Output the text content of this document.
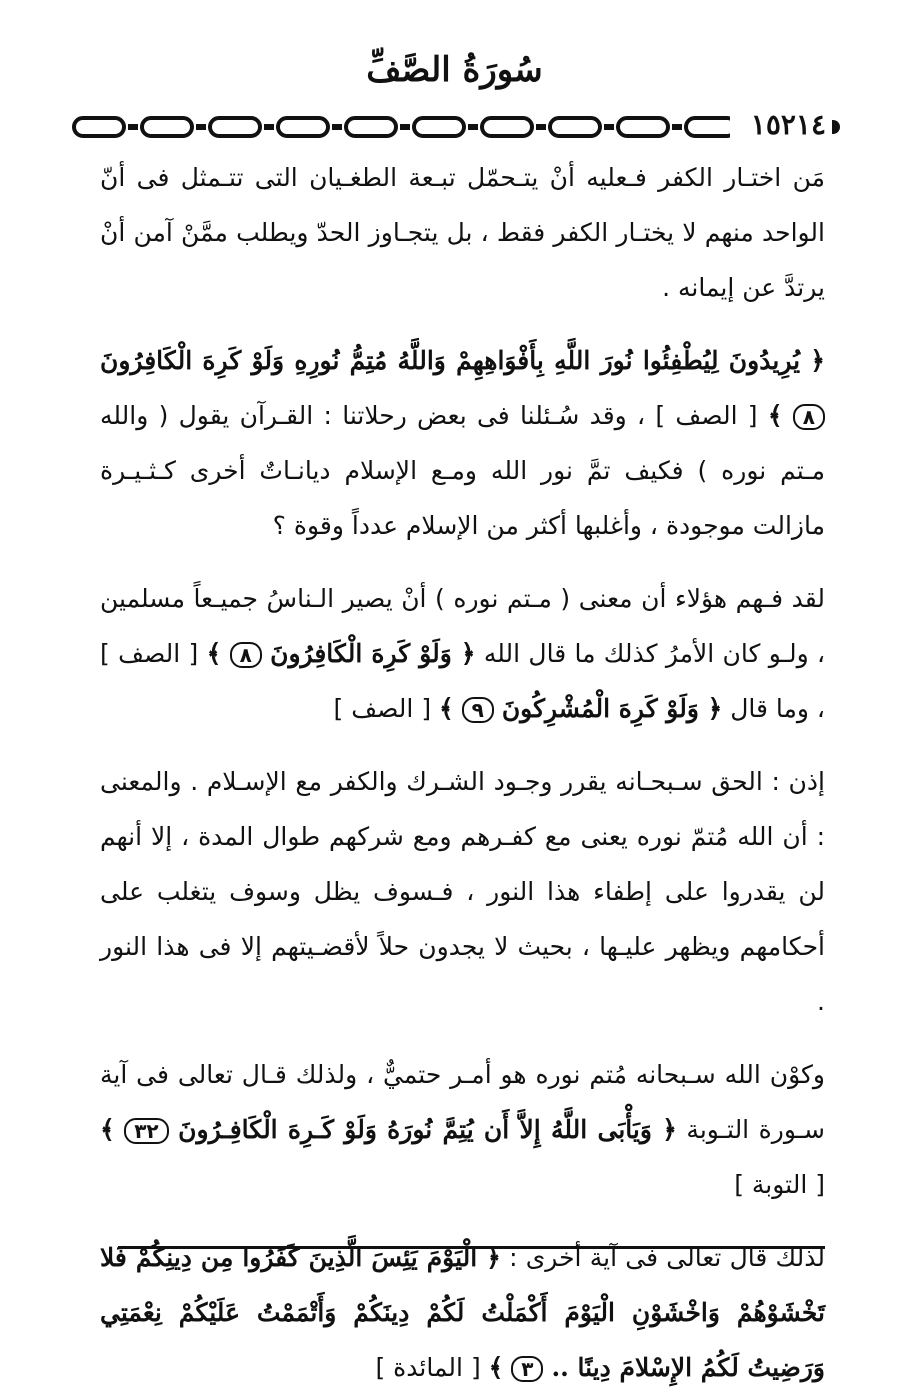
سُورَةُ الصَّفِّ
١٥٢١٤

مَن اختـار الكفر فـعليه أنْ يتـحمّل تبـعة الطغـيان التى تتـمثل فى أنّ الواحد منهم لا يختـار الكفر فقط ، بل يتجـاوز الحدّ ويطلب ممَّنْ آمن أنْ يرتدَّ عن إيمانه .

﴿ يُرِيدُونَ لِيُطْفِئُوا نُورَ اللَّهِ بِأَفْوَاهِهِمْ وَاللَّهُ مُتِمُّ نُورِهِ وَلَوْ كَرِهَ الْكَافِرُونَ ٨ ﴾ [ الصف ] ، وقد سُـئلنا فى بعض رحلاتنا : القـرآن يقول ( والله مـتم نوره ) فكيف تمَّ نور الله ومـع الإسلام ديانـاتٌ أخرى كـثـيـرة مازالت موجودة ، وأغلبها أكثر من الإسلام عدداً وقوة ؟

لقد فـهم هؤلاء أن معنى ( مـتم نوره ) أنْ يصير الـناسُ جميـعاً مسلمين ، ولـو كان الأمرُ كذلك ما قال الله ﴿ وَلَوْ كَرِهَ الْكَافِرُونَ ٨ ﴾ [ الصف ] ، وما قال ﴿ وَلَوْ كَرِهَ الْمُشْرِكُونَ ٩ ﴾ [ الصف ]

إذن : الحق سـبحـانه يقرر وجـود الشـرك والكفر مع الإسـلام . والمعنى : أن الله مُتمّ نوره يعنى مع كفـرهم ومع شركهم طوال المدة ، إلا أنهم لن يقدروا على إطفاء هذا النور ، فـسوف يظل وسوف يتغلب على أحكامهم ويظهر عليـها ، بحيث لا يجدون حلاً لأقضـيتهم إلا فى هذا النور .

وكوْن الله سـبحانه مُتم نوره هو أمـر حتميٌّ ، ولذلك قـال تعالى فى آية سـورة التـوبة ﴿ وَيَأْبَى اللَّهُ إِلاَّ أَن يُتِمَّ نُورَهُ وَلَوْ كَـرِهَ الْكَافِـرُونَ ٣٢ ﴾ [ التوبة ]

لذلك قال تعالى فى آية أخرى : ﴿ الْيَوْمَ يَئِسَ الَّذِينَ كَفَرُوا مِن دِينِكُمْ فَلا تَخْشَوْهُمْ وَاخْشَوْنِ الْيَوْمَ أَكْمَلْتُ لَكُمْ دِينَكُمْ وَأَتْمَمْتُ عَلَيْكُمْ نِعْمَتِي وَرَضِيتُ لَكُمُ الإِسْلامَ دِينًا .. ٣ ﴾ [ المائدة ]
